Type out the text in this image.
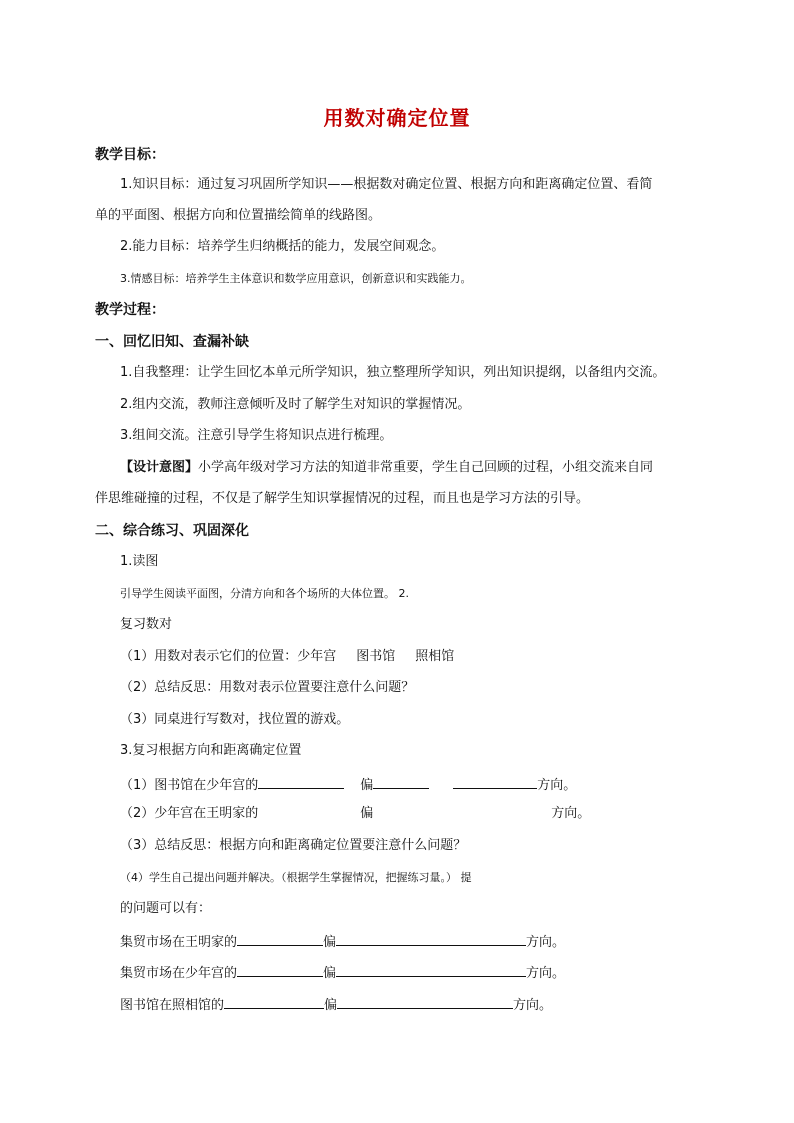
用数对确定位置
教学目标：
1.知识目标：通过复习巩固所学知识——根据数对确定位置、根据方向和距离确定位置、看简
单的平面图、根据方向和位置描绘简单的线路图。
2.能力目标：培养学生归纳概括的能力，发展空间观念。
3.情感目标：培养学生主体意识和数学应用意识，创新意识和实践能力。
教学过程：
一、回忆旧知、查漏补缺
1.自我整理：让学生回忆本单元所学知识，独立整理所学知识，列出知识提纲，以备组内交流。
2.组内交流，教师注意倾听及时了解学生对知识的掌握情况。
3.组间交流。注意引导学生将知识点进行梳理。
【设计意图】小学高年级对学习方法的知道非常重要，学生自己回顾的过程，小组交流来自同
伴思维碰撞的过程，不仅是了解学生知识掌握情况的过程，而且也是学习方法的引导。
二、综合练习、巩固深化
1.读图
引导学生阅读平面图，分清方向和各个场所的大体位置。 2.
复习数对
（1）用数对表示它们的位置：少年宫 图书馆 照相馆
（2）总结反思：用数对表示位置要注意什么问题？
（3）同桌进行写数对，找位置的游戏。
3.复习根据方向和距离确定位置
（1）图书馆在少年宫的	偏	方向。
（2）少年宫在王明家的	偏	方向。
（3）总结反思：根据方向和距离确定位置要注意什么问题？
（4）学生自己提出问题并解决。（根据学生掌握情况，把握练习量。） 提
的问题可以有：
集贸市场在王明家的	偏	方向。
集贸市场在少年宫的	偏	方向。
图书馆在照相馆的	偏	方向。
